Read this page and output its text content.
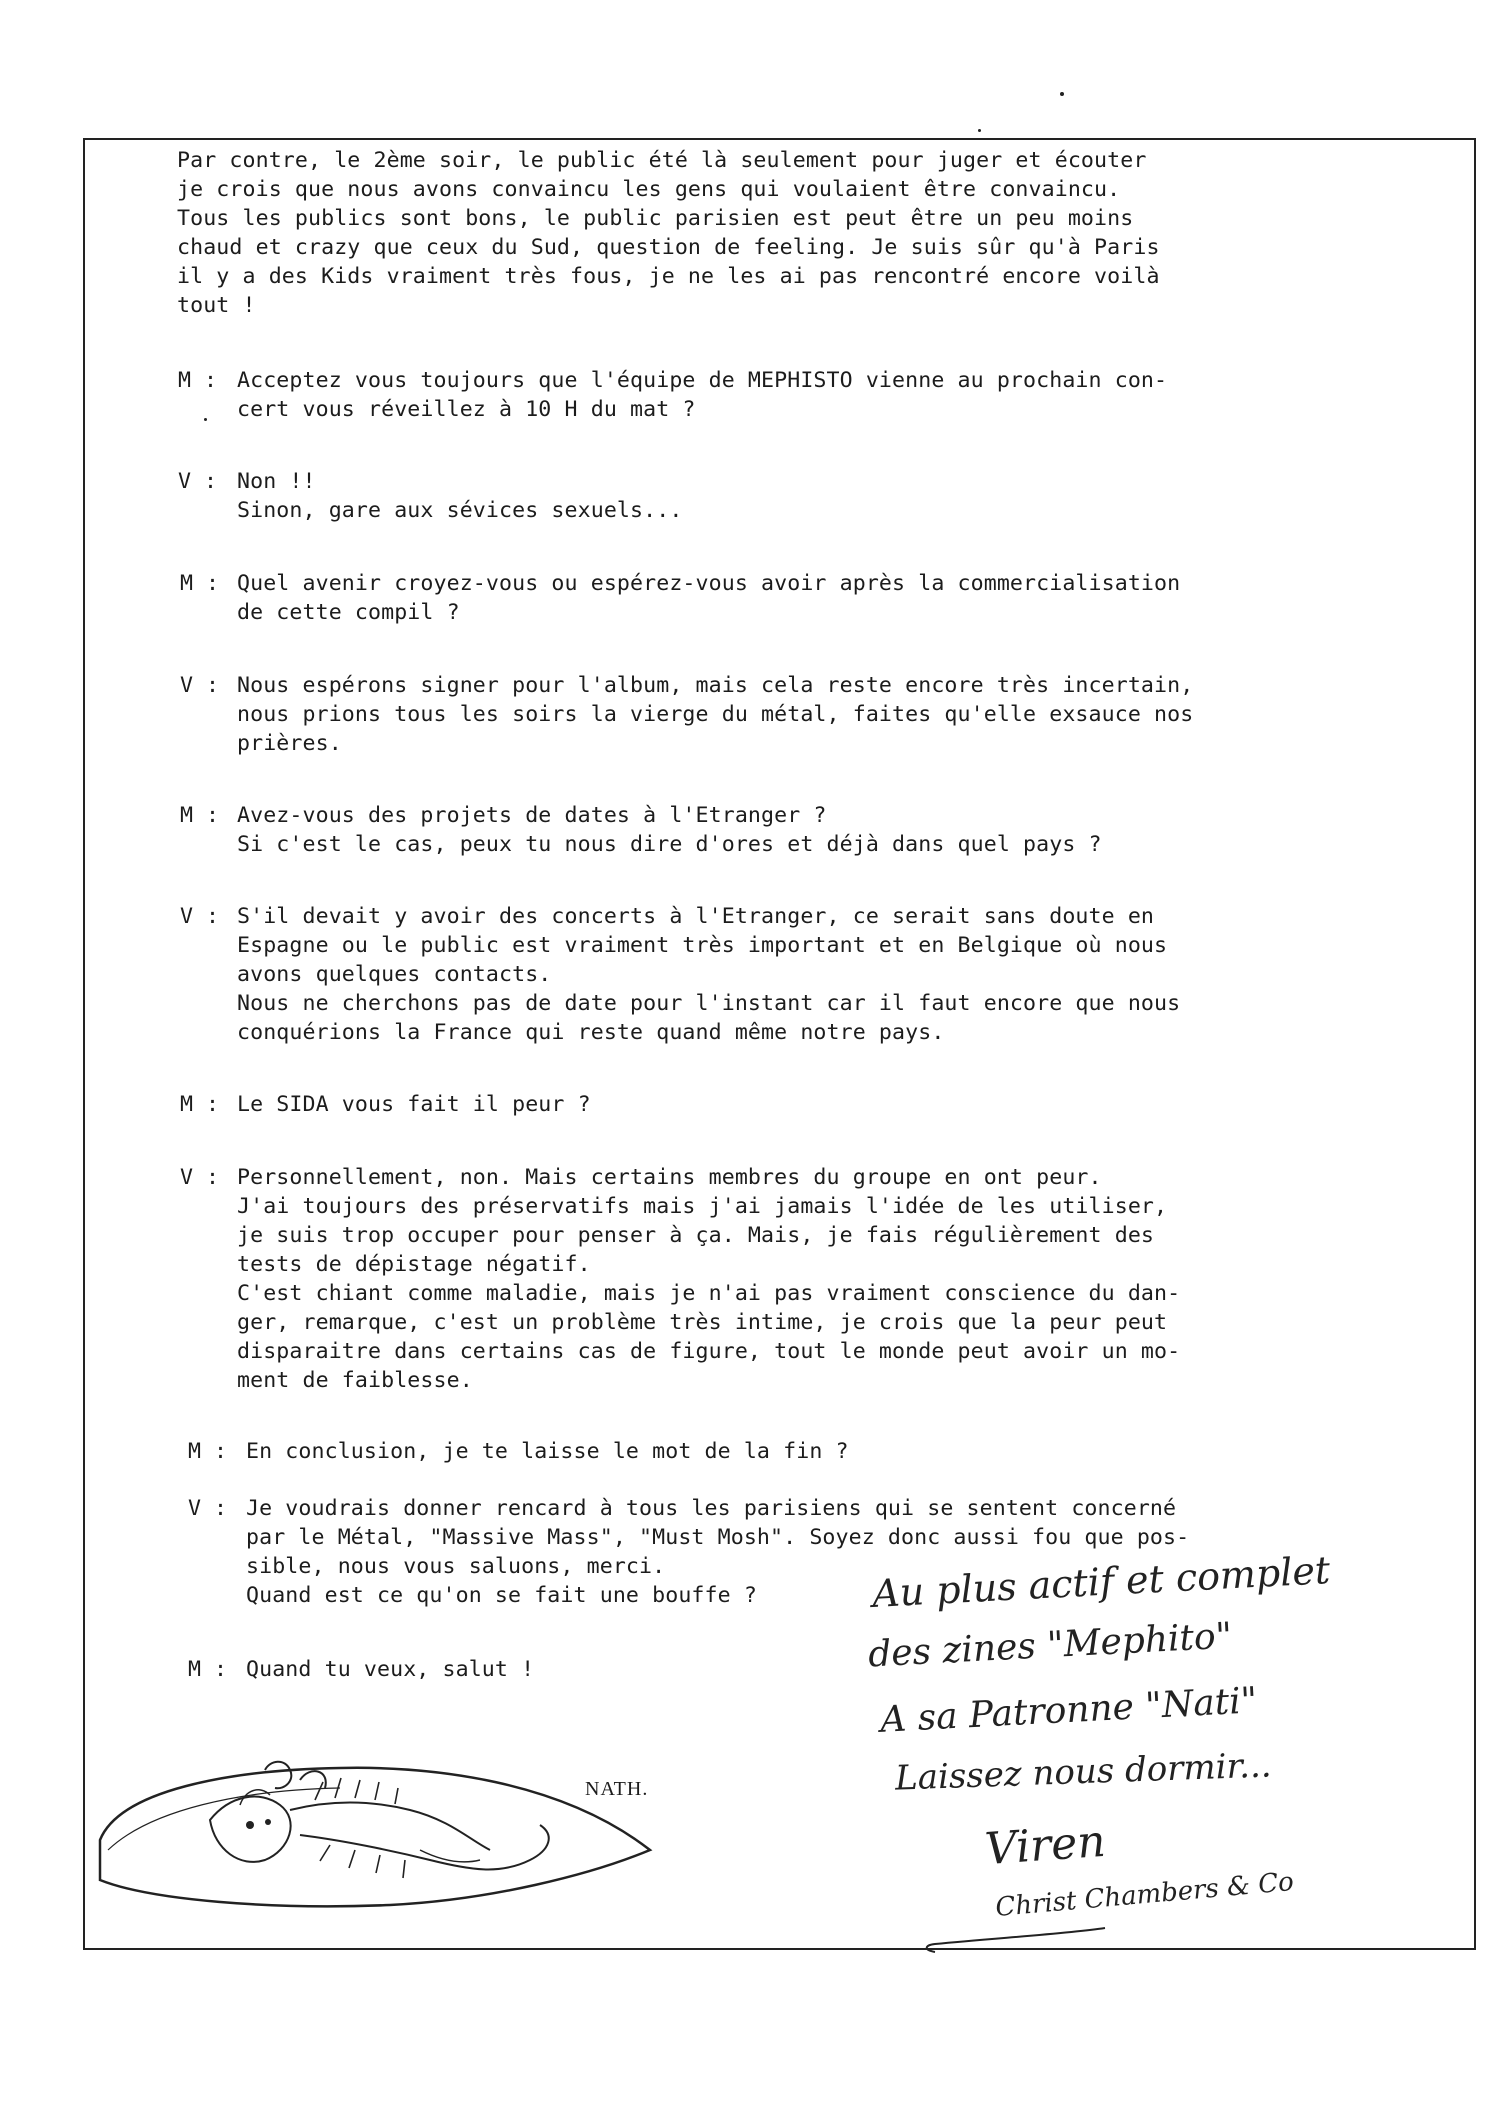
Par contre, le 2ème soir, le public été là seulement pour juger et écouter
je crois que nous avons convaincu les gens qui voulaient être convaincu.
Tous les publics sont bons, le public parisien est peut être un peu moins
chaud et crazy que ceux du Sud, question de feeling. Je suis sûr qu'à Paris
il y a des Kids vraiment très fous, je ne les ai pas rencontré encore voilà
tout !
M : Acceptez vous toujours que l'équipe de MEPHISTO vienne au prochain con-
cert vous réveillez à 10 H du mat ?
V : Non !!
Sinon, gare aux sévices sexuels...
M : Quel avenir croyez-vous ou espérez-vous avoir après la commercialisation
de cette compil ?
V : Nous espérons signer pour l'album, mais cela reste encore très incertain,
nous prions tous les soirs la vierge du métal, faites qu'elle exsauce nos
prières.
M : Avez-vous des projets de dates à l'Etranger ?
Si c'est le cas, peux tu nous dire d'ores et déjà dans quel pays ?
V : S'il devait y avoir des concerts à l'Etranger, ce serait sans doute en
Espagne ou le public est vraiment très important et en Belgique où nous
avons quelques contacts.
Nous ne cherchons pas de date pour l'instant car il faut encore que nous
conquérions la France qui reste quand même notre pays.
M : Le SIDA vous fait il peur ?
V : Personnellement, non. Mais certains membres du groupe en ont peur.
J'ai toujours des préservatifs mais j'ai jamais l'idée de les utiliser,
je suis trop occuper pour penser à ça. Mais, je fais régulièrement des
tests de dépistage négatif.
C'est chiant comme maladie, mais je n'ai pas vraiment conscience du dan-
ger, remarque, c'est un problème très intime, je crois que la peur peut
disparaitre dans certains cas de figure, tout le monde peut avoir un mo-
ment de faiblesse.
M : En conclusion, je te laisse le mot de la fin ?
V : Je voudrais donner rencard à tous les parisiens qui se sentent concerné
par le Métal, "Massive Mass", "Must Mosh". Soyez donc aussi fou que pos-
sible, nous vous saluons, merci.
Quand est ce qu'on se fait une bouffe ?
M : Quand tu veux, salut !
NATH.
Au plus actif et complet
des zines "Mephito"
A sa Patronne "Nati"
Laissez nous dormir...
Viren
Christ Chambers & Co
